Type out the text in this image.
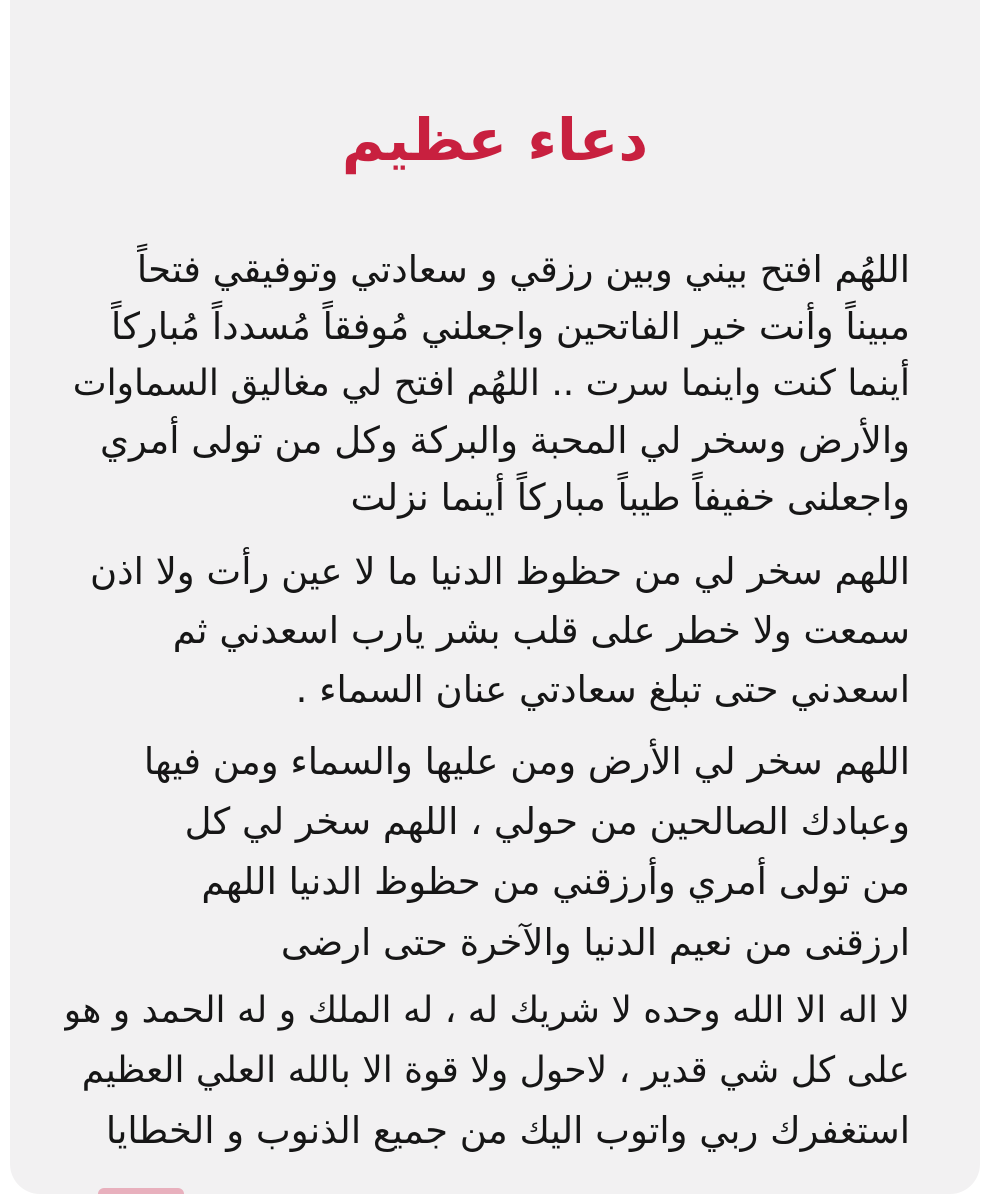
دعاء عظيم
اللهُم افتح بيني وبين رزقي و سعادتي وتوفيقي فتحاً
مبيناً وأنت خير الفاتحين واجعلني مُوفقاً مُسدداً مُباركاً
أينما كنت واينما سرت .. اللهُم افتح لي مغاليق السماوات
والأرض وسخر لي المحبة والبركة وكل من تولى أمري
واجعلنى خفيفاً طيباً مباركاً أينما نزلت
اللهم سخر لي من حظوظ الدنيا ما لا عين رأت ولا اذن
سمعت ولا خطر على قلب بشر يارب اسعدني ثم
اسعدني حتى تبلغ سعادتي عنان السماء .
اللهم سخر لي الأرض ومن عليها والسماء ومن فيها
وعبادك الصالحين من حولي ، اللهم سخر لي كل
من تولى أمري وأرزقني من حظوظ الدنيا اللهم
ارزقنى من نعيم الدنيا والآخرة حتى ارضى
لا اله الا الله وحده لا شريك له ، له الملك و له الحمد و هو
على كل شي قدير ، لاحول ولا قوة الا بالله العلي العظيم
استغفرك ربي واتوب اليك من جميع الذنوب و الخطايا
